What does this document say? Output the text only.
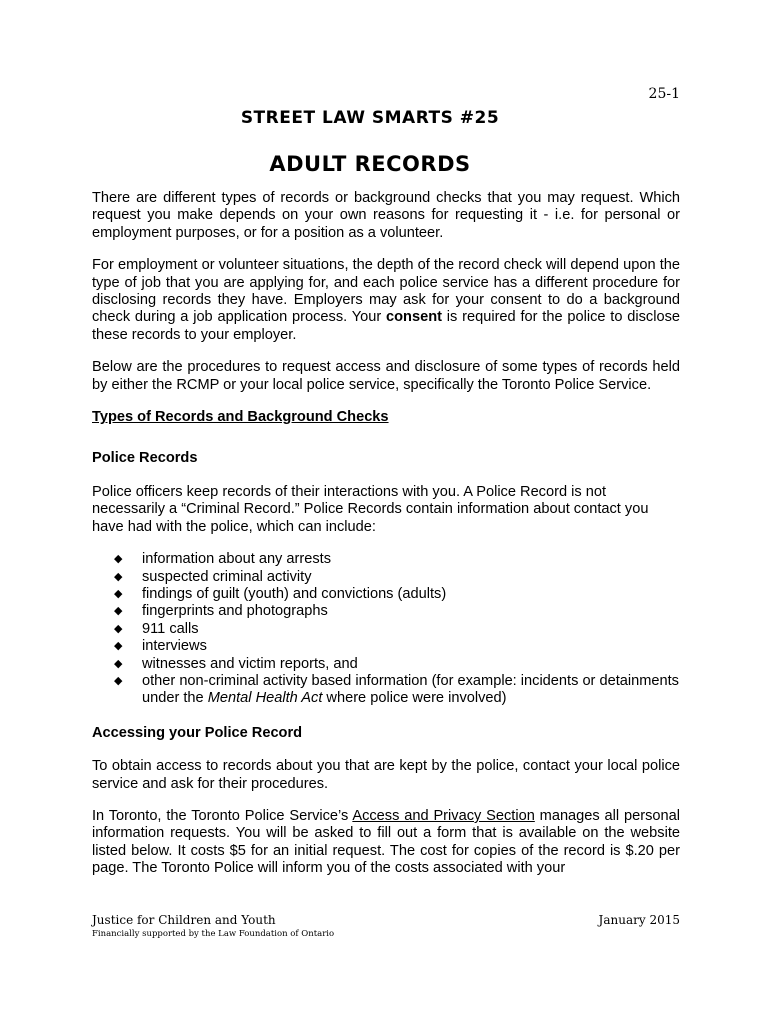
25-1
STREET LAW SMARTS #25
ADULT RECORDS

There are different types of records or background checks that you may request. Which request you make depends on your own reasons for requesting it - i.e. for personal or employment purposes, or for a position as a volunteer.

For employment or volunteer situations, the depth of the record check will depend upon the type of job that you are applying for, and each police service has a different procedure for disclosing records they have. Employers may ask for your consent to do a background check during a job application process. Your consent is required for the police to disclose these records to your employer.

Below are the procedures to request access and disclosure of some types of records held by either the RCMP or your local police service, specifically the Toronto Police Service.

Types of Records and Background Checks
Police Records

Police officers keep records of their interactions with you. A Police Record is not necessarily a “Criminal Record.” Police Records contain information about contact you have had with the police, which can include:

◆ information about any arrests
◆ suspected criminal activity
◆ findings of guilt (youth) and convictions (adults)
◆ fingerprints and photographs
◆ 911 calls
◆ interviews
◆ witnesses and victim reports, and
◆ other non-criminal activity based information (for example: incidents or detainments under the Mental Health Act where police were involved)
Accessing your Police Record

To obtain access to records about you that are kept by the police, contact your local police service and ask for their procedures.

In Toronto, the Toronto Police Service’s Access and Privacy Section manages all personal information requests. You will be asked to fill out a form that is available on the website listed below. It costs $5 for an initial request. The cost for copies of the record is $.20 per page. The Toronto Police will inform you of the costs associated with your

Justice for Children and Youth
Financially supported by the Law Foundation of Ontario
January 2015
